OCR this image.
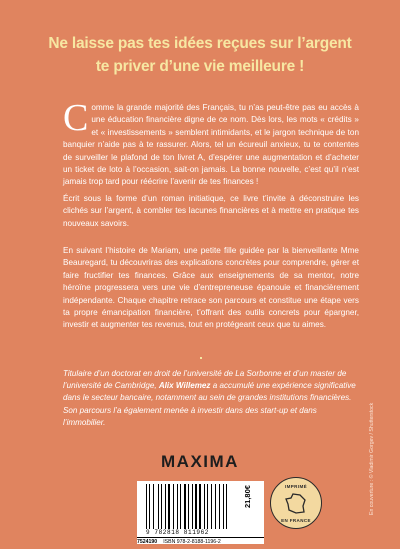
Ne laisse pas tes idées reçues sur l’argent
te priver d’une vie meilleure !

C omme la grande majorité des Français, tu n’as peut-être pas eu accès à une éducation financière digne de ce nom. Dès lors, les mots « crédits » et « investissements » semblent intimidants, et le jargon technique de ton banquier n’aide pas à te rassurer. Alors, tel un écureuil anxieux, tu te contentes de surveiller le plafond de ton livret A, d’espérer une augmentation et d’acheter un ticket de loto à l’occasion, sait-on jamais. La bonne nouvelle, c’est qu’il n’est jamais trop tard pour réécrire l’avenir de tes finances !

Écrit sous la forme d’un roman initiatique, ce livre t’invite à déconstruire les clichés sur l’argent, à combler tes lacunes financières et à mettre en pratique tes nouveaux savoirs.

En suivant l’histoire de Mariam, une petite fille guidée par la bienveillante Mme Beauregard, tu découvriras des explications concrètes pour comprendre, gérer et faire fructifier tes finances. Grâce aux enseignements de sa mentor, notre héroïne progressera vers une vie d’entrepreneuse épanouie et financièrement indépendante. Chaque chapitre retrace son parcours et constitue une étape vers ta propre émancipation financière, t’offrant des outils concrets pour épargner, investir et augmenter tes revenus, tout en protégeant ceux que tu aimes.

Titulaire d’un doctorat en droit de l’université de La Sorbonne et d’un master de l’université de Cambridge, Alix Willemez a accumulé une expérience significative dans le secteur bancaire, notamment au sein de grandes institutions financières. Son parcours l’a également menée à investir dans des start-up et dans l’immobilier.	En couverture : © Vladimir Gorgev / Shutterstock
MAXIMA
9 782818 811962
21,80€
7524190 ISBN 978-2-8188-1196-2
IMPRIMÉ
EN FRANCE
